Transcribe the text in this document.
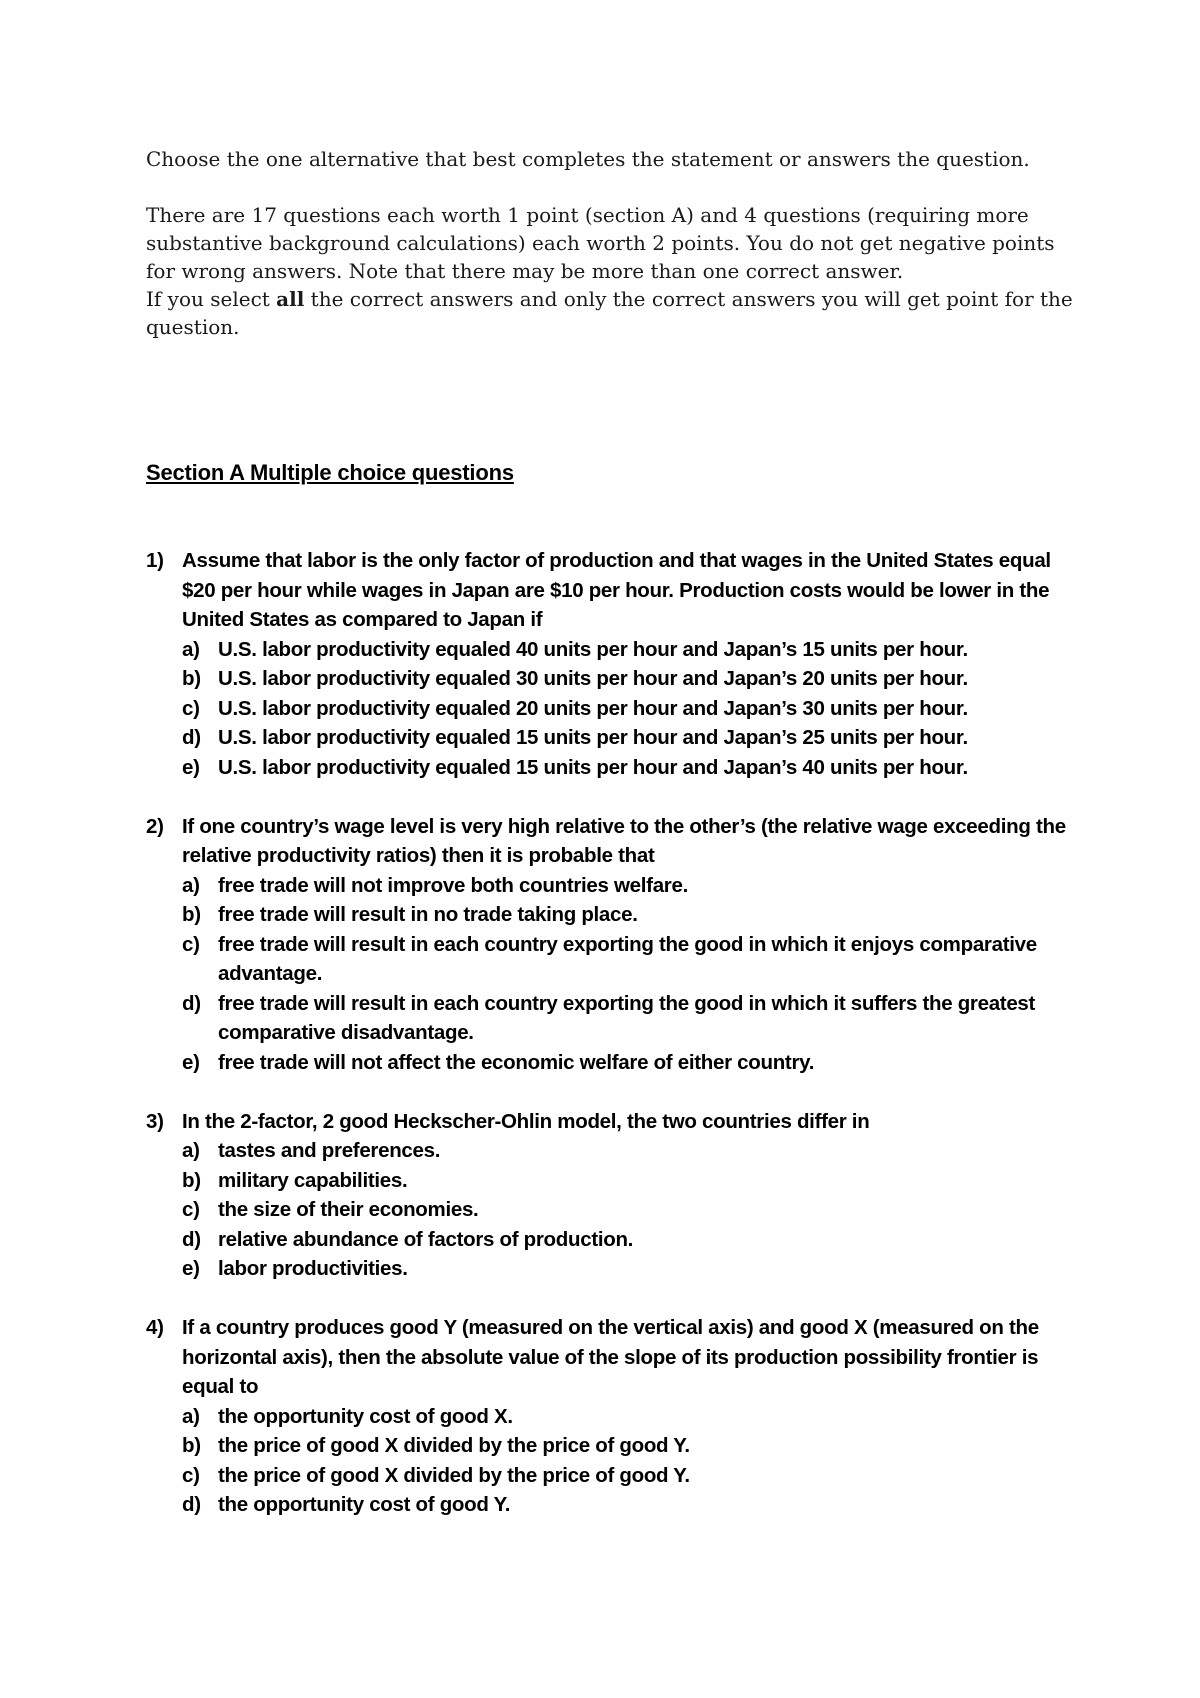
Choose the one alternative that best completes the statement or answers the question.

There are 17 questions each worth 1 point (section A) and 4 questions (requiring more substantive background calculations) each worth 2 points. You do not get negative points for wrong answers. Note that there may be more than one correct answer.

If you select all the correct answers and only the correct answers you will get point for the question.

Section A Multiple choice questions
1) Assume that labor is the only factor of production and that wages in the United States equal $20 per hour while wages in Japan are $10 per hour. Production costs would be lower in the United States as compared to Japan if
a) U.S. labor productivity equaled 40 units per hour and Japan’s 15 units per hour.
b) U.S. labor productivity equaled 30 units per hour and Japan’s 20 units per hour.
c) U.S. labor productivity equaled 20 units per hour and Japan’s 30 units per hour.
d) U.S. labor productivity equaled 15 units per hour and Japan’s 25 units per hour.
e) U.S. labor productivity equaled 15 units per hour and Japan’s 40 units per hour.
2) If one country’s wage level is very high relative to the other’s (the relative wage exceeding the relative productivity ratios) then it is probable that
a) free trade will not improve both countries welfare.
b) free trade will result in no trade taking place.
c) free trade will result in each country exporting the good in which it enjoys comparative advantage.
d) free trade will result in each country exporting the good in which it suffers the greatest comparative disadvantage.
e) free trade will not affect the economic welfare of either country.
3) In the 2-factor, 2 good Heckscher-Ohlin model, the two countries differ in
a) tastes and preferences.
b) military capabilities.
c) the size of their economies.
d) relative abundance of factors of production.
e) labor productivities.
4) If a country produces good Y (measured on the vertical axis) and good X (measured on the horizontal axis), then the absolute value of the slope of its production possibility frontier is equal to
a) the opportunity cost of good X.
b) the price of good X divided by the price of good Y.
c) the price of good X divided by the price of good Y.
d) the opportunity cost of good Y.
